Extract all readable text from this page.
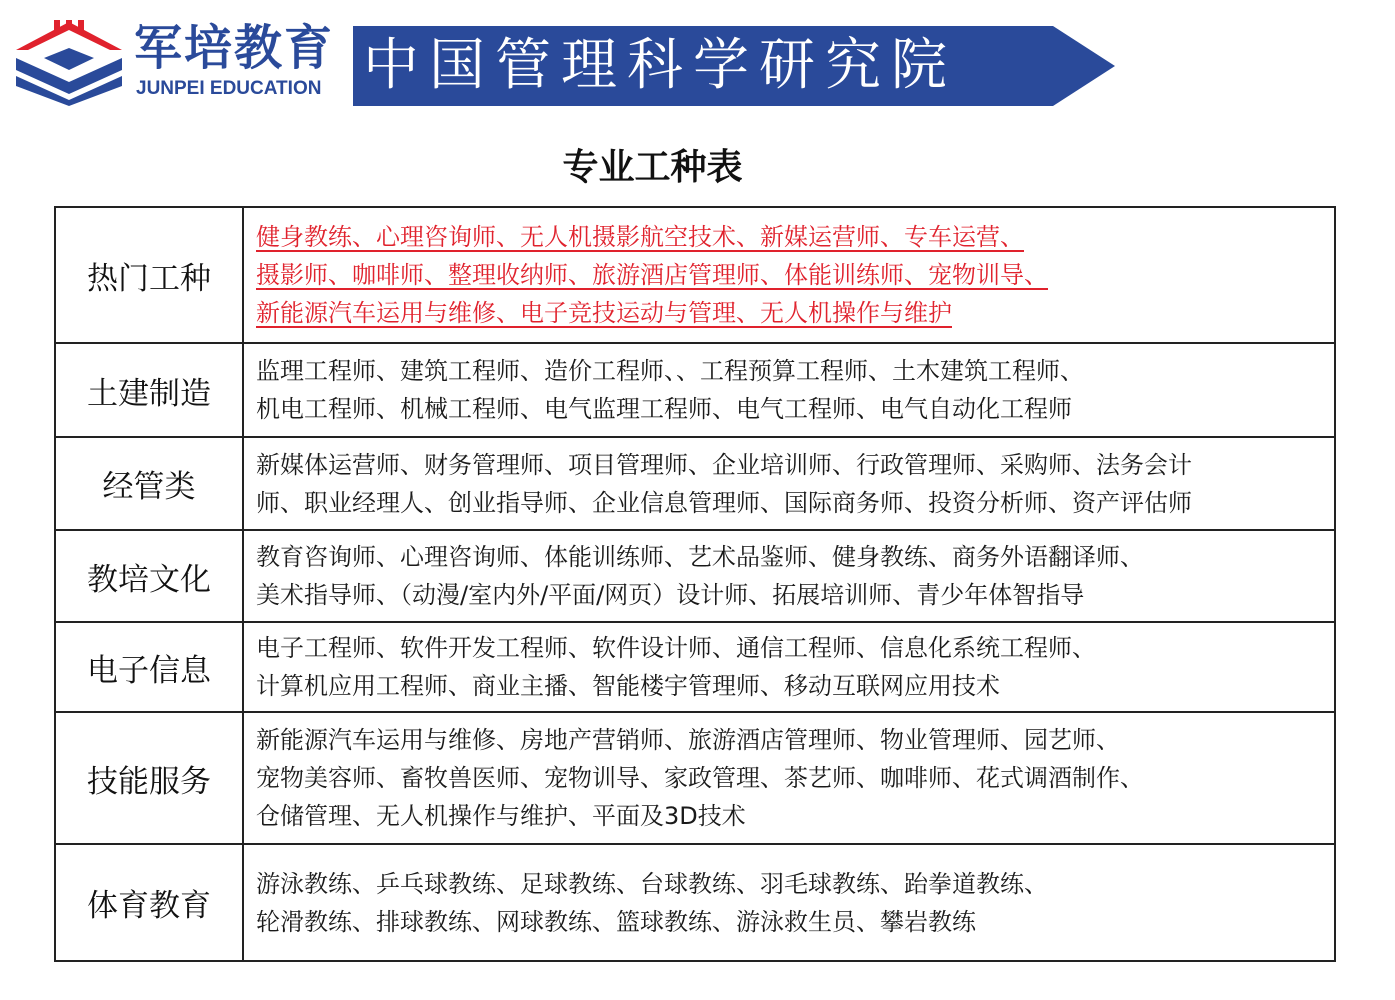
军培教育
JUNPEI EDUCATION 中国管理科学研究院
专业工种表
热门工种
健身教练、心理咨询师、无人机摄影航空技术、新媒运营师、专车运营、
摄影师、咖啡师、整理收纳师、旅游酒店管理师、体能训练师、宠物训导、
新能源汽车运用与维修、电子竞技运动与管理、无人机操作与维护
土建制造
监理工程师、建筑工程师、造价工程师、、工程预算工程师、土木建筑工程师、
机电工程师、机械工程师、电气监理工程师、电气工程师、电气自动化工程师
经管类
新媒体运营师、财务管理师、项目管理师、企业培训师、行政管理师、采购师、法务会计
师、职业经理人、创业指导师、企业信息管理师、国际商务师、投资分析师、资产评估师
教培文化
教育咨询师、心理咨询师、体能训练师、艺术品鉴师、健身教练、商务外语翻译师、
美术指导师、（动漫/室内外/平面/网页）设计师、拓展培训师、青少年体智指导
电子信息
电子工程师、软件开发工程师、软件设计师、通信工程师、信息化系统工程师、
计算机应用工程师、商业主播、智能楼宇管理师、移动互联网应用技术
技能服务
新能源汽车运用与维修、房地产营销师、旅游酒店管理师、物业管理师、园艺师、
宠物美容师、畜牧兽医师、宠物训导、家政管理、茶艺师、咖啡师、花式调酒制作、
仓储管理、无人机操作与维护、平面及3D技术
体育教育
游泳教练、乒乓球教练、足球教练、台球教练、羽毛球教练、跆拳道教练、
轮滑教练、排球教练、网球教练、篮球教练、游泳救生员、攀岩教练
